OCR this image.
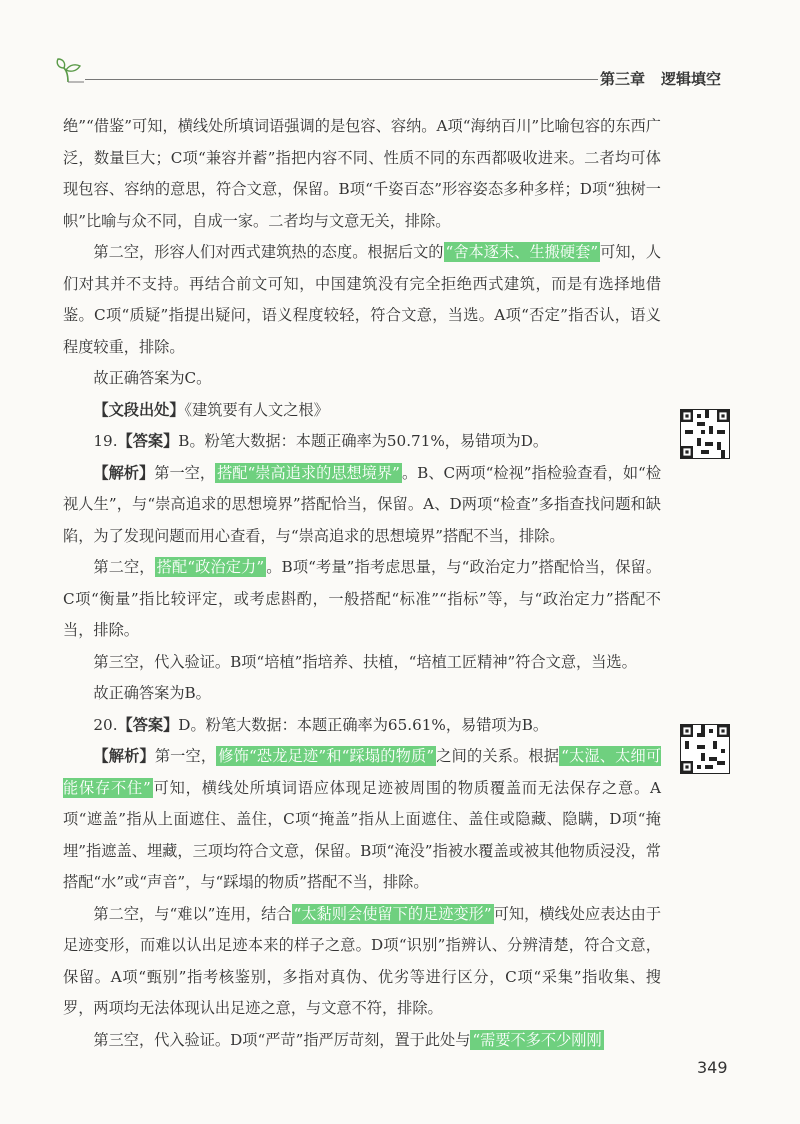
第三章 逻辑填空

绝”“借鉴”可知，横线处所填词语强调的是包容、容纳。A项“海纳百川”比喻包容的东西广泛，数量巨大；C项“兼容并蓄”指把内容不同、性质不同的东西都吸收进来。二者均可体现包容、容纳的意思，符合文意，保留。B项“千姿百态”形容姿态多种多样；D项“独树一帜”比喻与众不同，自成一家。二者均与文意无关，排除。

第二空，形容人们对西式建筑热的态度。根据后文的 “舍本逐末、生搬硬套” 可知，人们对其并不支持。再结合前文可知，中国建筑没有完全拒绝西式建筑，而是有选择地借鉴。C项“质疑”指提出疑问，语义程度较轻，符合文意，当选。A项“否定”指否认，语义程度较重，排除。

故正确答案为C。

【文段出处】《建筑要有人文之根》

19.【答案】B。粉笔大数据：本题正确率为50.71%，易错项为D。

【解析】第一空， 搭配“崇高追求的思想境界” 。B、C两项“检视”指检验查看，如“检视人生”，与“崇高追求的思想境界”搭配恰当，保留。A、D两项“检查”多指查找问题和缺陷，为了发现问题而用心查看，与“崇高追求的思想境界”搭配不当，排除。

第二空， 搭配“政治定力” 。B项“考量”指考虑思量，与“政治定力”搭配恰当，保留。C项“衡量”指比较评定，或考虑斟酌，一般搭配“标准”“指标”等，与“政治定力”搭配不当，排除。

第三空，代入验证。B项“培植”指培养、扶植，“培植工匠精神”符合文意，当选。

故正确答案为B。

20.【答案】D。粉笔大数据：本题正确率为65.61%，易错项为B。

【解析】第一空， 修饰“恐龙足迹”和“踩塌的物质” 之间的关系。根据 “太湿、太细可能保存不住” 可知，横线处所填词语应体现足迹被周围的物质覆盖而无法保存之意。A项“遮盖”指从上面遮住、盖住，C项“掩盖”指从上面遮住、盖住或隐藏、隐瞒，D项“掩埋”指遮盖、埋藏，三项均符合文意，保留。B项“淹没”指被水覆盖或被其他物质浸没，常搭配“水”或“声音”，与“踩塌的物质”搭配不当，排除。

第二空，与“难以”连用，结合 “太黏则会使留下的足迹变形” 可知，横线处应表达由于足迹变形，而难以认出足迹本来的样子之意。D项“识别”指辨认、分辨清楚，符合文意，保留。A项“甄别”指考核鉴别，多指对真伪、优劣等进行区分，C项“采集”指收集、搜罗，两项均无法体现认出足迹之意，与文意不符，排除。

第三空，代入验证。D项“严苛”指严厉苛刻，置于此处与 “需要不多不少刚刚

349
